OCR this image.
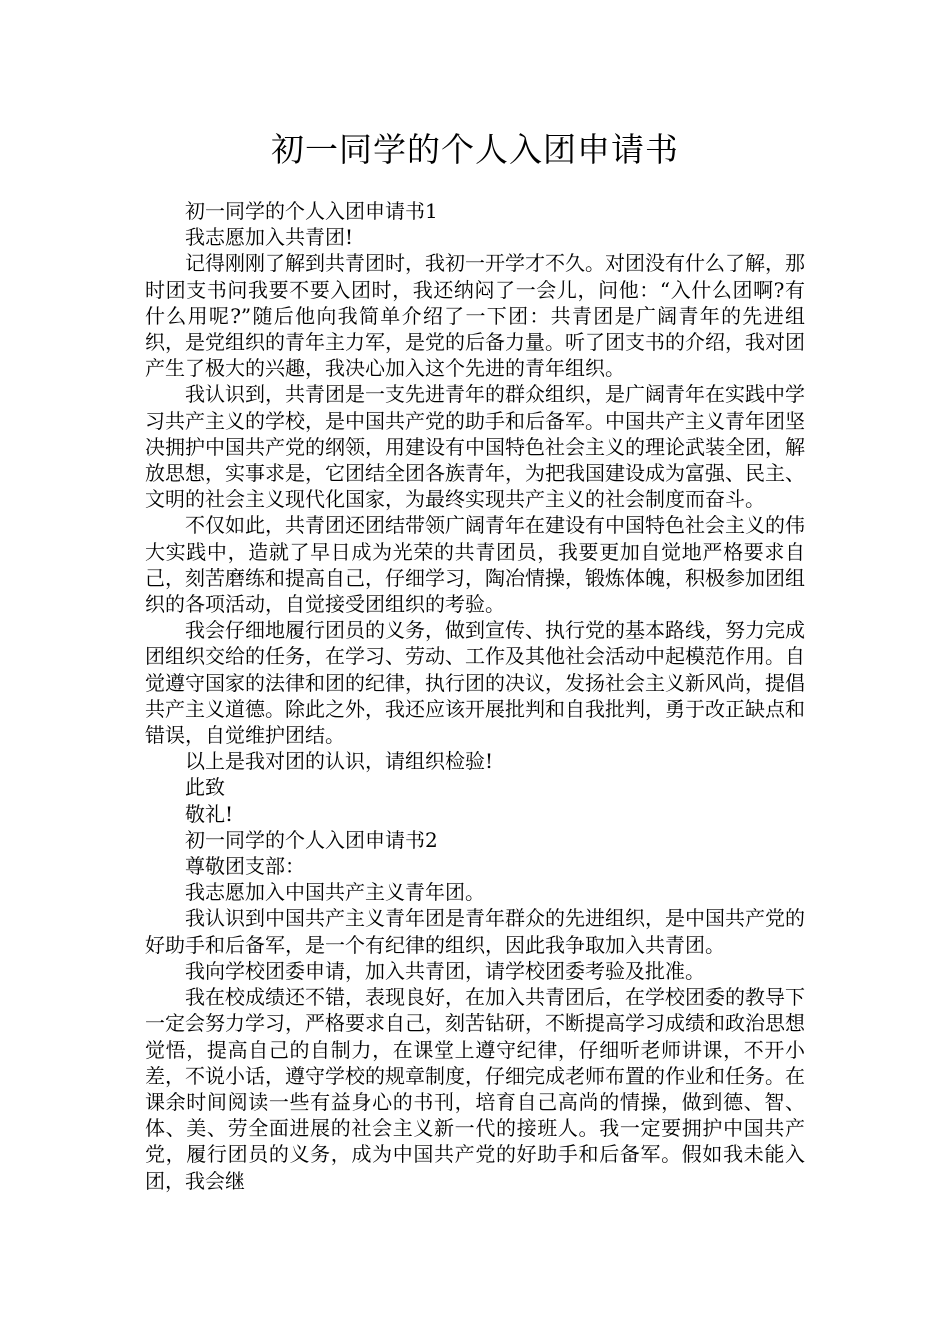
初一同学的个人入团申请书

初一同学的个人入团申请书1

我志愿加入共青团!

记得刚刚了解到共青团时，我初一开学才不久。对团没有什么了解，那时团支书问我要不要入团时，我还纳闷了一会儿，问他：“入什么团啊?有什么用呢?”随后他向我简单介绍了一下团：共青团是广阔青年的先进组织，是党组织的青年主力军，是党的后备力量。听了团支书的介绍，我对团产生了极大的兴趣，我决心加入这个先进的青年组织。

我认识到，共青团是一支先进青年的群众组织，是广阔青年在实践中学习共产主义的学校，是中国共产党的助手和后备军。中国共产主义青年团坚决拥护中国共产党的纲领，用建设有中国特色社会主义的理论武装全团，解放思想，实事求是，它团结全团各族青年，为把我国建设成为富强、民主、文明的社会主义现代化国家，为最终实现共产主义的社会制度而奋斗。

不仅如此，共青团还团结带领广阔青年在建设有中国特色社会主义的伟大实践中，造就了早日成为光荣的共青团员，我要更加自觉地严格要求自己，刻苦磨练和提高自己，仔细学习，陶冶情操，锻炼体魄，积极参加团组织的各项活动，自觉接受团组织的考验。

我会仔细地履行团员的义务，做到宣传、执行党的基本路线，努力完成团组织交给的任务，在学习、劳动、工作及其他社会活动中起模范作用。自觉遵守国家的法律和团的纪律，执行团的决议，发扬社会主义新风尚，提倡共产主义道德。除此之外，我还应该开展批判和自我批判，勇于改正缺点和错误，自觉维护团结。

以上是我对团的认识，请组织检验!

此致

敬礼!

初一同学的个人入团申请书2

尊敬团支部：

我志愿加入中国共产主义青年团。

我认识到中国共产主义青年团是青年群众的先进组织，是中国共产党的好助手和后备军，是一个有纪律的组织，因此我争取加入共青团。

我向学校团委申请，加入共青团，请学校团委考验及批准。

我在校成绩还不错，表现良好，在加入共青团后，在学校团委的教导下一定会努力学习，严格要求自己，刻苦钻研，不断提高学习成绩和政治思想觉悟，提高自己的自制力，在课堂上遵守纪律，仔细听老师讲课，不开小差，不说小话，遵守学校的规章制度，仔细完成老师布置的作业和任务。在课余时间阅读一些有益身心的书刊，培育自己高尚的情操，做到德、智、体、美、劳全面进展的社会主义新一代的接班人。我一定要拥护中国共产党，履行团员的义务，成为中国共产党的好助手和后备军。假如我未能入团，我会继
